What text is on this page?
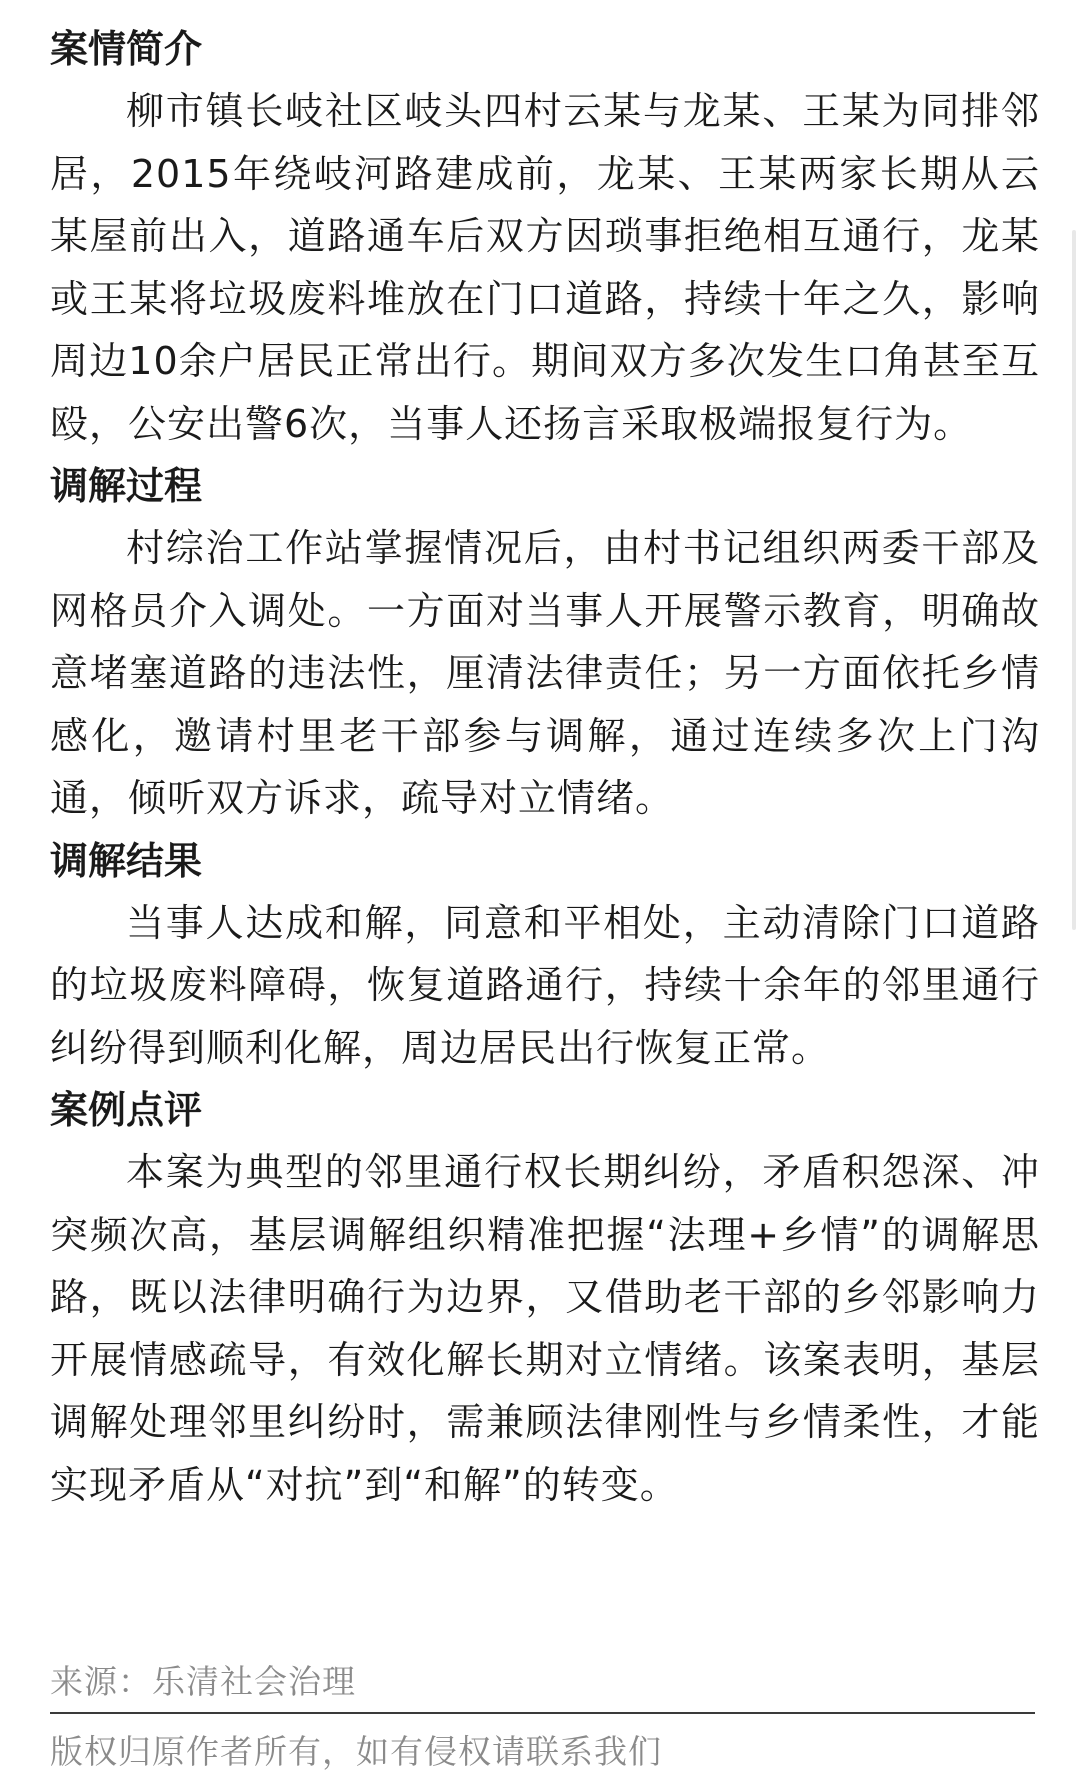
案情简介

柳市镇长岐社区岐头四村云某与龙某、王某为同排邻居，2015年绕岐河路建成前，龙某、王某两家长期从云某屋前出入，道路通车后双方因琐事拒绝相互通行，龙某或王某将垃圾废料堆放在门口道路，持续十年之久，影响周边10余户居民正常出行。期间双方多次发生口角甚至互殴，公安出警6次，当事人还扬言采取极端报复行为。

调解过程

村综治工作站掌握情况后，由村书记组织两委干部及网格员介入调处。一方面对当事人开展警示教育，明确故意堵塞道路的违法性，厘清法律责任；另一方面依托乡情感化，邀请村里老干部参与调解，通过连续多次上门沟通，倾听双方诉求，疏导对立情绪。

调解结果

当事人达成和解，同意和平相处，主动清除门口道路的垃圾废料障碍，恢复道路通行，持续十余年的邻里通行纠纷得到顺利化解，周边居民出行恢复正常。

案例点评

本案为典型的邻里通行权长期纠纷，矛盾积怨深、冲突频次高，基层调解组织精准把握“法理+乡情”的调解思路，既以法律明确行为边界，又借助老干部的乡邻影响力开展情感疏导，有效化解长期对立情绪。该案表明，基层调解处理邻里纠纷时，需兼顾法律刚性与乡情柔性，才能实现矛盾从“对抗”到“和解”的转变。

来源：乐清社会治理
版权归原作者所有，如有侵权请联系我们
